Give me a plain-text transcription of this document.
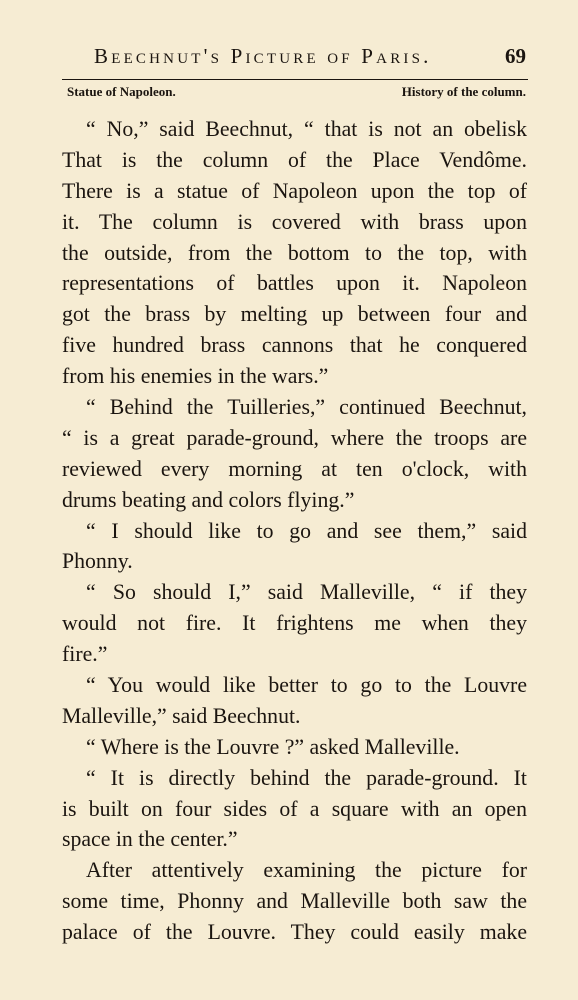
Beechnut's Picture of Paris.	69
Statue of Napoleon.	History of the column.
“ No,” said Beechnut, “ that is not an obelisk
That is the column of the Place Vendôme.
There is a statue of Napoleon upon the top of
it. The column is covered with brass upon
the outside, from the bottom to the top, with
representations of battles upon it. Napoleon
got the brass by melting up between four and
five hundred brass cannons that he conquered
from his enemies in the wars.”
“ Behind the Tuilleries,” continued Beechnut,
“ is a great parade-ground, where the troops are
reviewed every morning at ten o'clock, with
drums beating and colors flying.”
“ I should like to go and see them,” said
Phonny.
“ So should I,” said Malleville, “ if they
would not fire. It frightens me when they
fire.”
“ You would like better to go to the Louvre
Malleville,” said Beechnut.
“ Where is the Louvre ?” asked Malleville.
“ It is directly behind the parade-ground. It
is built on four sides of a square with an open
space in the center.”
After attentively examining the picture for
some time, Phonny and Malleville both saw the
palace of the Louvre. They could easily make
